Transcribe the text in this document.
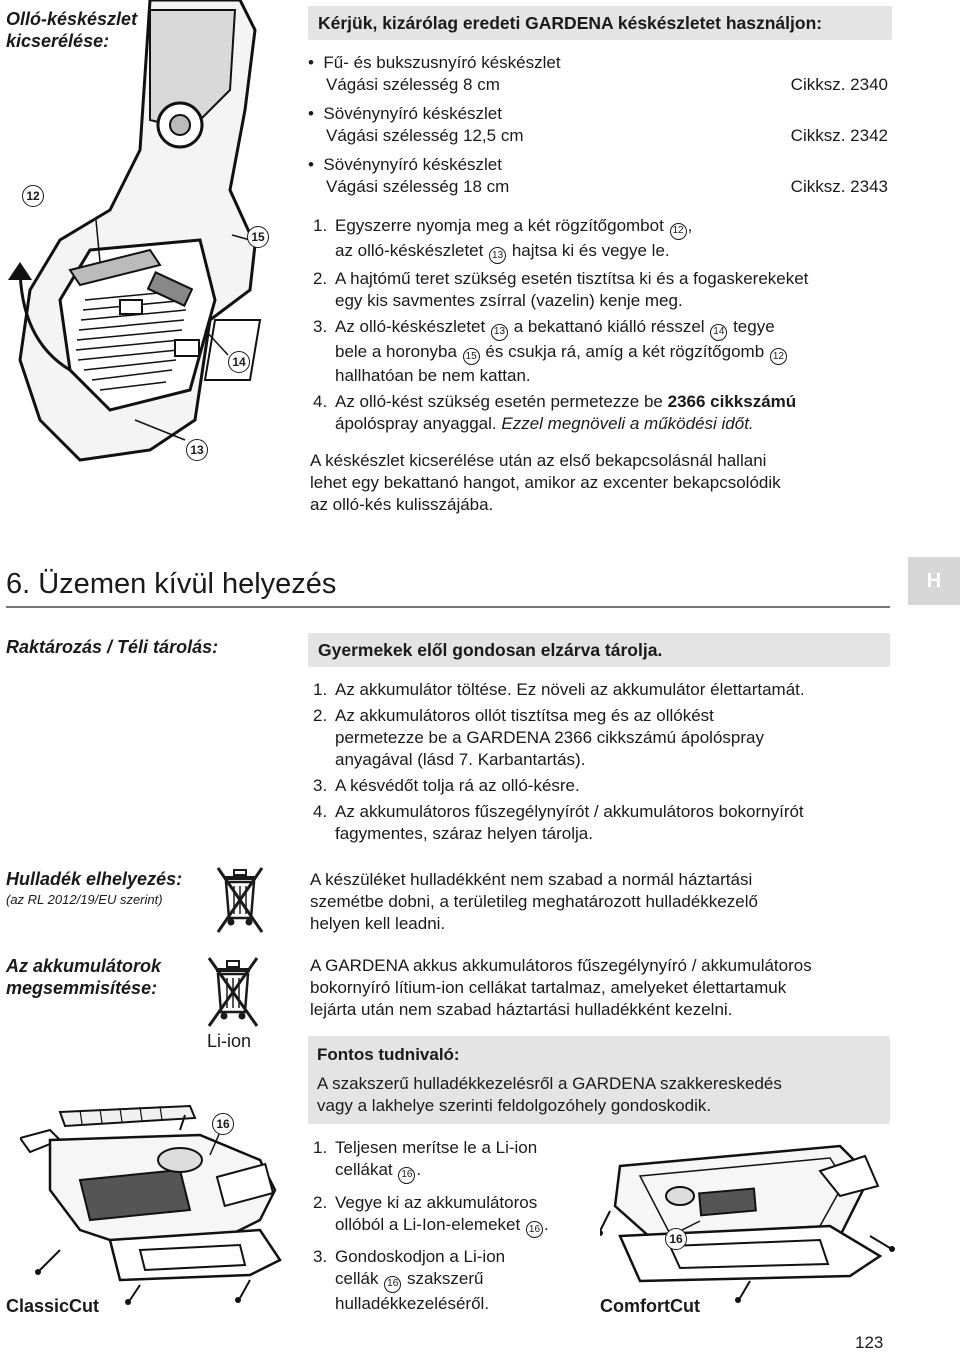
Olló-késkészlet kicserélése:
12
15
14
13
Kérjük, kizárólag eredeti GARDENA késkészletet használjon:
• Fű- és bukszusnyíró késkészlet
Vágási szélesség 8 cm	Cikksz. 2340
• Sövénynyíró késkészlet
Vágási szélesség 12,5 cm	Cikksz. 2342
• Sövénynyíró késkészlet
Vágási szélesség 18 cm	Cikksz. 2343
1. Egyszerre nyomja meg a két rögzítőgombot 12 ,
az olló-késkészletet 13 hajtsa ki és vegye le.
2. A hajtómű teret szükség esetén tisztítsa ki és a fogaskerekeket
egy kis savmentes zsírral (vazelin) kenje meg.
3. Az olló-késkészletet 13 a bekattanó kiálló résszel 14 tegye
bele a horonyba 15 és csukja rá, amíg a két rögzítőgomb 12
hallhatóan be nem kattan.
4. Az olló-kést szükség esetén permetezze be 2366 cikkszámú
ápolóspray anyaggal. Ezzel megnöveli a működési időt.
A késkészlet kicserélése után az első bekapcsolásnál hallani
lehet egy bekattanó hangot, amikor az excenter bekapcsolódik
az olló-kés kulisszájába.
6. Üzemen kívül helyezés	H
Raktározás / Téli tárolás:	Gyermekek elől gondosan elzárva tárolja.
1. Az akkumulátor töltése. Ez növeli az akkumulátor élettartamát.
2. Az akkumulátoros ollót tisztítsa meg és az ollókést
permetezze be a GARDENA 2366 cikkszámú ápolóspray
anyagával (lásd 7. Karbantartás).
3. A késvédőt tolja rá az olló-késre.
4. Az akkumulátoros fűszegélynyírót / akkumulátoros bokornyírót
fagymentes, száraz helyen tárolja.
Hulladék elhelyezés:
(az RL 2012/19/EU szerint)
A készüléket hulladékként nem szabad a normál háztartási
szemétbe dobni, a területileg meghatározott hulladékkezelő
helyen kell leadni.
Az akkumulátorok megsemmisítése:
Li-ion
A GARDENA akkus akkumulátoros fűszegélynyíró / akkumulátoros
bokornyíró lítium-ion cellákat tartalmaz, amelyeket élettartamuk
lejárta után nem szabad háztartási hulladékként kezelni.
Fontos tudnivaló:
A szakszerű hulladékkezelésről a GARDENA szakkereskedés
vagy a lakhelye szerinti feldolgozóhely gondoskodik.
1. Teljesen merítse le a Li-ion
cellákat 16 .
2. Vegye ki az akkumulátoros
ollóból a Li-Ion-elemeket 16 .
3. Gondoskodjon a Li-ion
cellák 16 szakszerű
hulladékkezeléséről.
16
ClassicCut
16
ComfortCut
123
